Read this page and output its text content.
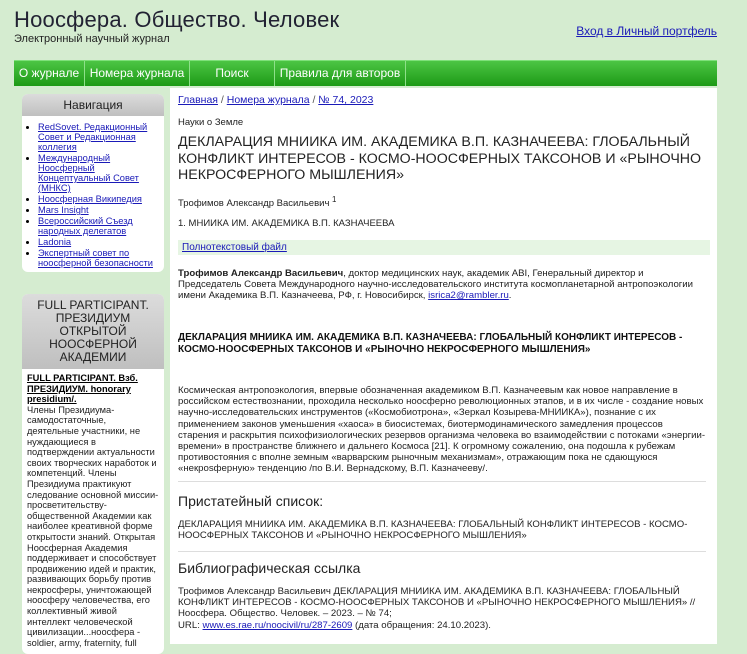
Ноосфера. Общество. Человек
Электронный научный журнал
Вход в Личный портфель
О журнале Номера журнала	Поиск	Правила для авторов
Навигация
• RedSovet. Редакционный Совет и Редакционная коллегия
• Международный Ноосферный Концептуальный Совет (МНКС)
• Ноосферная Википедия
• Mars Insight
• Всероссийский Съезд народных делегатов
• Ladonia
• Экспертный совет по ноосферной безопасности
FULL PARTICIPANT. ПРЕЗИДИУМ ОТКРЫТОЙ НООСФЕРНОЙ АКАДЕМИИ
FULL PARTICIPANT. Взб. ПРЕЗИДИУМ. honorary presidium/.
Члены Президиума-самодостаточные, деятельные участники, не нуждающиеся в подтверждении актуальности своих творческих наработок и компетенций. Члены Президиума практикуют следование основной миссии-просветительству-общественной Академии как наиболее креативной форме открытости знаний. Открытая Ноосферная Академия поддерживает и способствует продвижению идей и практик, развивающих борьбу против некросферы, уничтожающей ноосферу человечества, его коллективный живой интеллект человеческой цивилизации...ноосфера - soldier, army, fraternity, full
Главная / Номера журнала / № 74, 2023
Науки о Земле
ДЕКЛАРАЦИЯ МНИИКА ИМ. АКАДЕМИКА В.П. КАЗНАЧЕЕВА: ГЛОБАЛЬНЫЙ КОНФЛИКТ ИНТЕРЕСОВ - КОСМО-НООСФЕРНЫХ ТАКСОНОВ И «РЫНОЧНО НЕКРОСФЕРНОГО МЫШЛЕНИЯ»
Трофимов Александр Васильевич $^1$
1. МНИИКА ИМ. АКАДЕМИКА В.П. КАЗНАЧЕЕВА
Полнотекстовый файл
Трофимов Александр Васильевич, доктор медицинских наук, академик АВI, Генеральный директор и Председатель Совета Международного научно-исследовательского института космопланетарной антропоэкологии имени Академика В.П. Казначеева, РФ, г. Новосибирск, isrica2@rambler.ru.
ДЕКЛАРАЦИЯ МНИИКА ИМ. АКАДЕМИКА В.П. КАЗНАЧЕЕВА: ГЛОБАЛЬНЫЙ КОНФЛИКТ ИНТЕРЕСОВ - КОСМО-НООСФЕРНЫХ ТАКСОНОВ И «РЫНОЧНО НЕКРОСФЕРНОГО МЫШЛЕНИЯ»
Космическая антропоэкология, впервые обозначенная академиком В.П. Казначеевым как новое направление в российском естествознании, проходила несколько ноосферно революционных этапов, и в их числе - создание новых научно-исследовательских инструментов («Космобиотрона», «Зеркал Козырева-МНИИКА»), познание с их применением законов уменьшения «хаоса» в биосистемах, биотермодинамического замедления процессов старения и раскрытия психофизиологических резервов организма человека во взаимодействии с потоками «энергии-времени» в пространстве ближнего и дальнего Космоса [21]. К огромному сожалению, она подошла к рубежам противостояния с вполне земным «варварским рыночным механизмам», отражающим пока не сдающуюся «некрosферную» тенденцию /по В.И. Вернадскому, В.П. Казначееву/.
Пристатейный список:
ДЕКЛАРАЦИЯ МНИИКА ИМ. АКАДЕМИКА В.П. КАЗНАЧЕЕВА: ГЛОБАЛЬНЫЙ КОНФЛИКТ ИНТЕРЕСОВ - КОСМО-НООСФЕРНЫХ ТАКСОНОВ И «РЫНОЧНО НЕКРОСФЕРНОГО МЫШЛЕНИЯ»
Библиографическая ссылка
Трофимов Александр Васильевич ДЕКЛАРАЦИЯ МНИИКА ИМ. АКАДЕМИКА В.П. КАЗНАЧЕЕВА: ГЛОБАЛЬНЫЙ КОНФЛИКТ ИНТЕРЕСОВ - КОСМО-НООСФЕРНЫХ ТАКСОНОВ И «РЫНОЧНО НЕКРОСФЕРНОГО МЫШЛЕНИЯ» // Ноосфера. Общество. Человек. – 2023. – № 74;
URL: www.es.rae.ru/noocivil/ru/287-2609 (дата обращения: 24.10.2023).
